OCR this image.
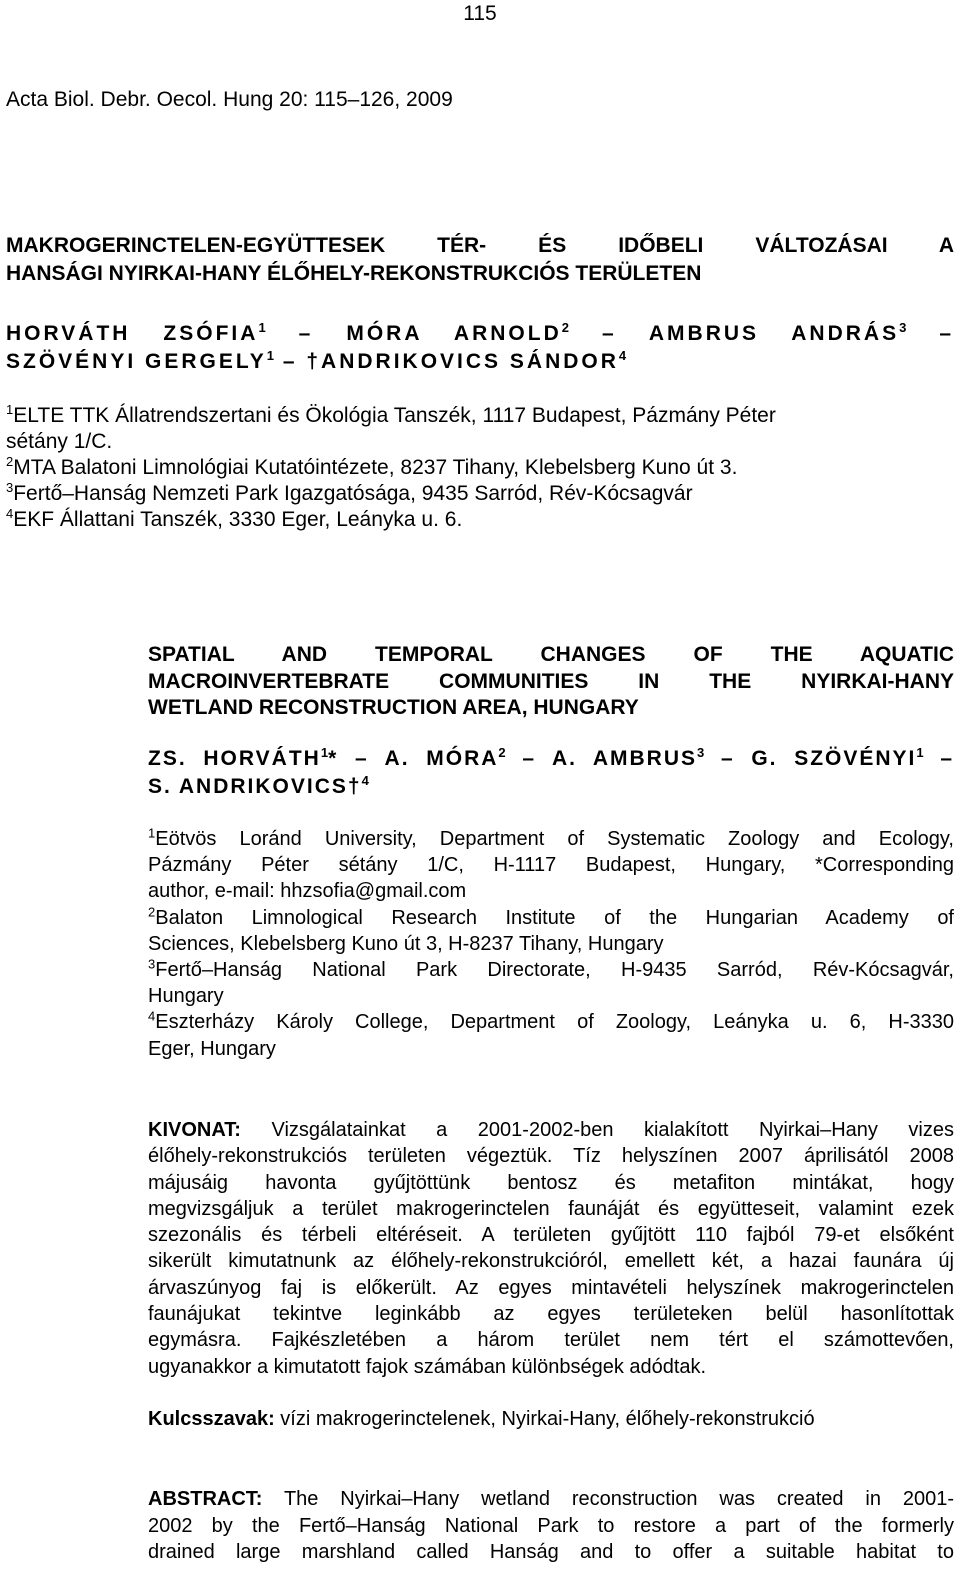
115
Acta Biol. Debr. Oecol. Hung 20: 115–126, 2009
MAKROGERINCTELEN-EGYÜTTESEK TÉR- ÉS IDŐBELI VÁLTOZÁSAI A
HANSÁGI NYIRKAI-HANY ÉLŐHELY-REKONSTRUKCIÓS TERÜLETEN
HORVÁTH ZSÓFIA$^1$ – MÓRA ARNOLD$^2$ – AMBRUS ANDRÁS$^3$ –
SZÖVÉNYI GERGELY$^1$ – †ANDRIKOVICS SÁNDOR$^4$
$^1$ELTE TTK Állatrendszertani és Ökológia Tanszék, 1117 Budapest, Pázmány Péter
sétány 1/C.
$^2$MTA Balatoni Limnológiai Kutatóintézete, 8237 Tihany, Klebelsberg Kuno út 3.
$^3$Fertő–Hanság Nemzeti Park Igazgatósága, 9435 Sarród, Rév-Kócsagvár
$^4$EKF Állattani Tanszék, 3330 Eger, Leányka u. 6.
SPATIAL AND TEMPORAL CHANGES OF THE AQUATIC
MACROINVERTEBRATE COMMUNITIES IN THE NYIRKAI-HANY
WETLAND RECONSTRUCTION AREA, HUNGARY
ZS. HORVÁTH$^1$* – A. MÓRA$^2$ – A. AMBRUS$^3$ – G. SZÖVÉNYI$^1$ –
S. ANDRIKOVICS†$^4$
$^1$Eötvös Loránd University, Department of Systematic Zoology and Ecology,
Pázmány Péter sétány 1/C, H-1117 Budapest, Hungary, *Corresponding
author, e-mail: hhzsofia@gmail.com
$^2$Balaton Limnological Research Institute of the Hungarian Academy of
Sciences, Klebelsberg Kuno út 3, H-8237 Tihany, Hungary
$^3$Fertő–Hanság National Park Directorate, H-9435 Sarród, Rév-Kócsagvár,
Hungary
$^4$Eszterházy Károly College, Department of Zoology, Leányka u. 6, H-3330
Eger, Hungary
KIVONAT: Vizsgálatainkat a 2001-2002-ben kialakított Nyirkai–Hany vizes
élőhely-rekonstrukciós területen végeztük. Tíz helyszínen 2007 áprilisától 2008
májusáig havonta gyűjtöttünk bentosz és metafiton mintákat, hogy
megvizsgáljuk a terület makrogerinctelen faunáját és együtteseit, valamint ezek
szezonális és térbeli eltéréseit. A területen gyűjtött 110 fajból 79-et elsőként
sikerült kimutatnunk az élőhely-rekonstrukcióról, emellett két, a hazai faunára új
árvaszúnyog faj is előkerült. Az egyes mintavételi helyszínek makrogerinctelen
faunájukat tekintve leginkább az egyes területeken belül hasonlítottak
egymásra. Fajkészletében a három terület nem tért el számottevően,
ugyanakkor a kimutatott fajok számában különbségek adódtak.
Kulcsszavak: vízi makrogerinctelenek, Nyirkai-Hany, élőhely-rekonstrukció
ABSTRACT: The Nyirkai–Hany wetland reconstruction was created in 2001-
2002 by the Fertő–Hanság National Park to restore a part of the formerly
drained large marshland called Hanság and to offer a suitable habitat to
